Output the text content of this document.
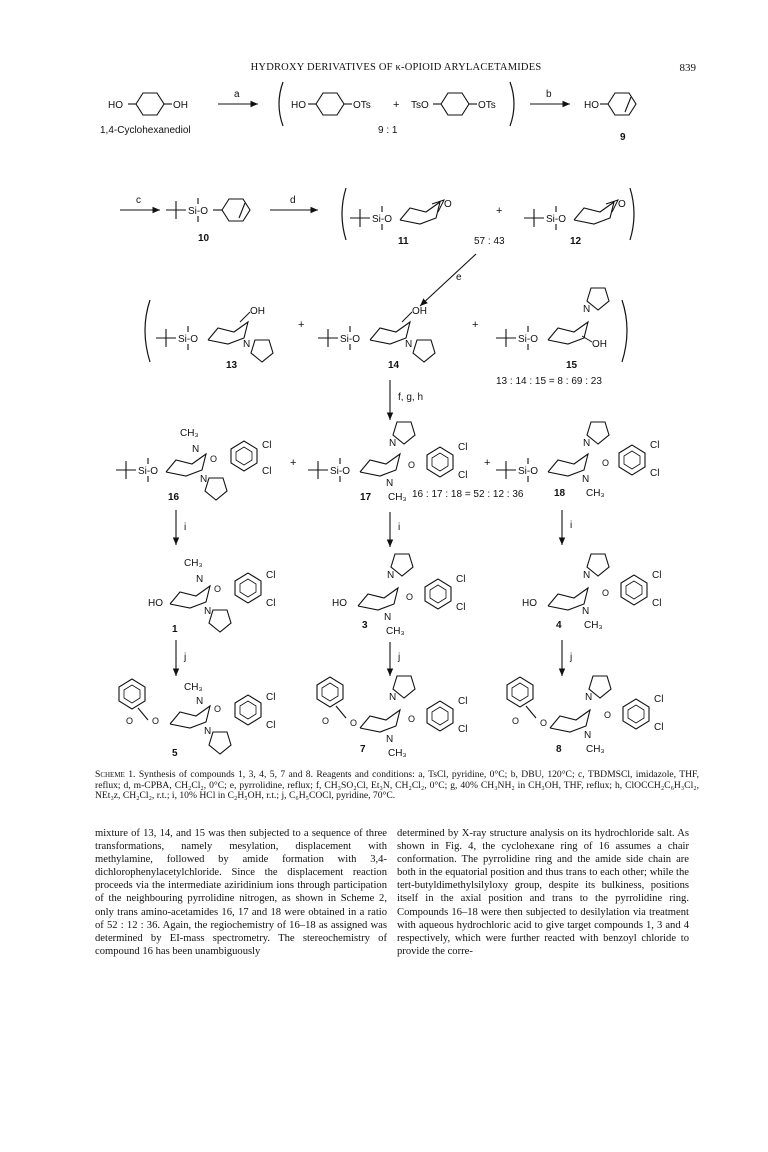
HYDROXY DERIVATIVES OF κ-OPIOID ARYLACETAMIDES	839
HO	OH
1,4-Cyclohexanediol
a
HO	OTs + TsO	OTs
9 : 1
b
HO
9
c
Si-O
10
d
Si-O
O
11
+
Si-O
O
12
57 : 43
e
Si-O
OH
N
13
+
Si-O
OH
N
14
+
Si-O
N
OH
15
13 : 14 : 15 = 8 : 69 : 23
f, g, h
Si-O
CH₃
N
O
Cl
Cl
N
16
+
Si-O
N
N
CH₃
O
Cl
Cl
17
+
Si-O
N
N
CH₃
O
Cl
Cl
18
16 : 17 : 18 = 52 : 12 : 36
i	i	i
HO
CH₃
N
O
Cl
Cl
N
1
HO
N
N
CH₃
O
Cl
Cl
3
HO
N
N
CH₃
O
Cl
Cl
4
j	j	j
O O
CH₃
N
O
Cl
Cl
N
5
O O
N
N
CH₃
O
Cl
Cl
7
O O
N
N
CH₃
O
Cl
Cl
8
Scheme 1. Synthesis of compounds 1, 3, 4, 5, 7 and 8. Reagents and conditions: a, TsCl, pyridine, 0°C; b, DBU, 120°C; c, TBDMSCl, imidazole, THF, reflux; d, m-CPBA, CH₂Cl₂, 0°C; e, pyrrolidine, reflux; f, CH₃SO₂Cl, Et₃N, CH₂Cl₂, 0°C; g, 40% CH₃NH₂ in CH₃OH, THF, reflux; h, ClOCCH₂C₆H₃Cl₂, NEt₃z, CH₂Cl₂, r.t.; i, 10% HCl in C₂H₅OH, r.t.; j, C₆H₅COCl, pyridine, 70°C.
mixture of 13, 14, and 15 was then subjected to a sequence of three transformations, namely mesylation, displacement with methylamine, followed by amide formation with 3,4-dichlorophenylacetylchloride. Since the displacement reaction proceeds via the intermediate aziridinium ions through participation of the neighbouring pyrrolidine nitrogen, as shown in Scheme 2, only trans amino-acetamides 16, 17 and 18 were obtained in a ratio of 52 : 12 : 36. Again, the regiochemistry of 16–18 as assigned was determined by EI-mass spectrometry. The stereochemistry of compound 16 has been unambiguously
determined by X-ray structure analysis on its hydrochloride salt. As shown in Fig. 4, the cyclohexane ring of 16 assumes a chair conformation. The pyrrolidine ring and the amide side chain are both in the equatorial position and thus trans to each other; while the tert-butyldimethylsilyloxy group, despite its bulkiness, positions itself in the axial position and trans to the pyrrolidine ring. Compounds 16–18 were then subjected to desilylation via treatment with aqueous hydrochloric acid to give target compounds 1, 3 and 4 respectively, which were further reacted with benzoyl chloride to provide the corre-
